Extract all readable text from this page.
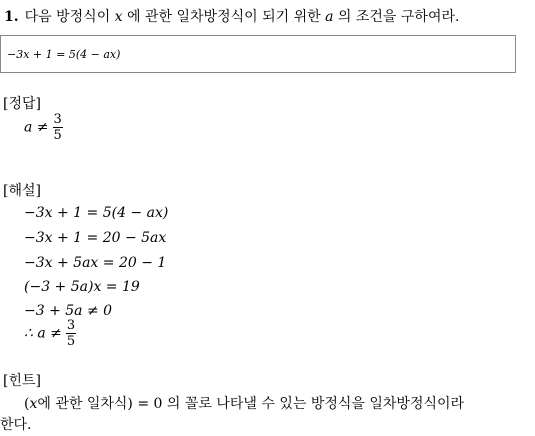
1. 다음 방정식이 x 에 관한 일차방정식이 되기 위한 a 의 조건을 구하여라.
−3x + 1 = 5(4 − ax)
[정답]
$a \ne \frac{3}{5}$
[해설]
−3x + 1 = 5(4 − ax)
−3x + 1 = 20 − 5ax
−3x + 5ax = 20 − 1
(−3 + 5a)x = 19
−3 + 5a ≠ 0
∴ $a \ne \frac{3}{5}$
[힌트]
(x에 관한 일차식) = 0 의 꼴로 나타낼 수 있는 방정식을 일차방정식이라
한다.
